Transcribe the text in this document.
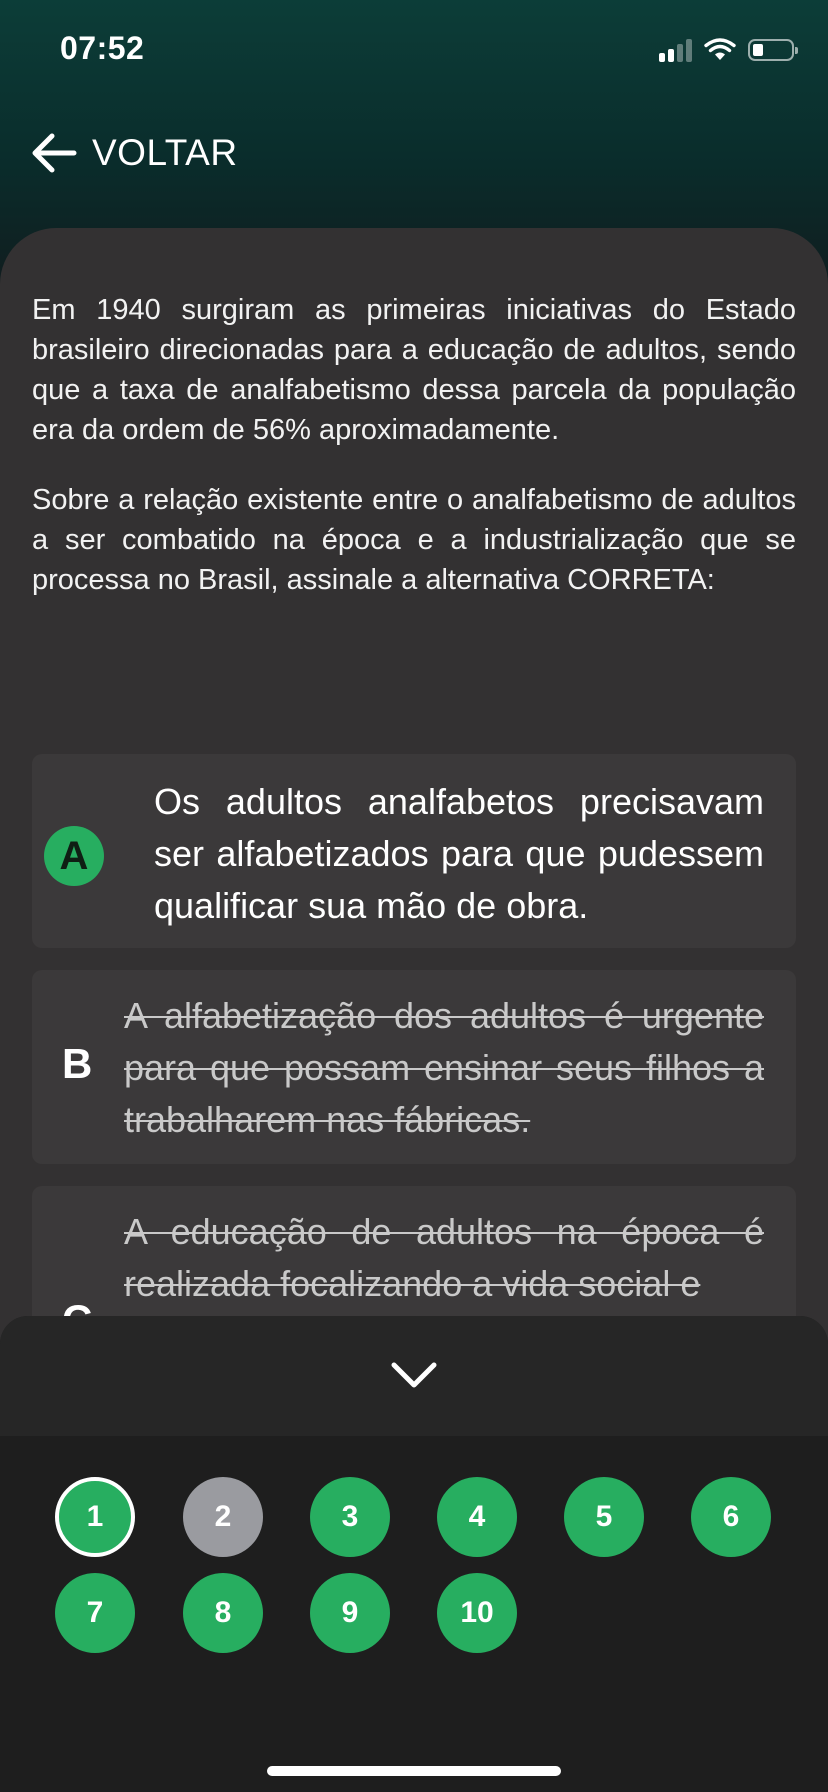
07:52
VOLTAR

Em 1940 surgiram as primeiras iniciativas do Estado brasileiro direcionadas para a educação de adultos, sendo que a taxa de analfabetismo dessa parcela da população era da ordem de 56% aproximadamente.

Sobre a relação existente entre o analfabetismo de adultos a ser combatido na época e a industrialização que se processa no Brasil, assinale a alternativa CORRETA:

A
Os adultos analfabetos precisavam ser alfabetizados para que pudessem qualificar sua mão de obra.
B
A alfabetização dos adultos é urgente para que possam ensinar seus filhos a trabalharem nas fábricas.
A educação de adultos na época é realizada focalizando a vida social e
1	2	3	4	5	6
7	8	9	10
